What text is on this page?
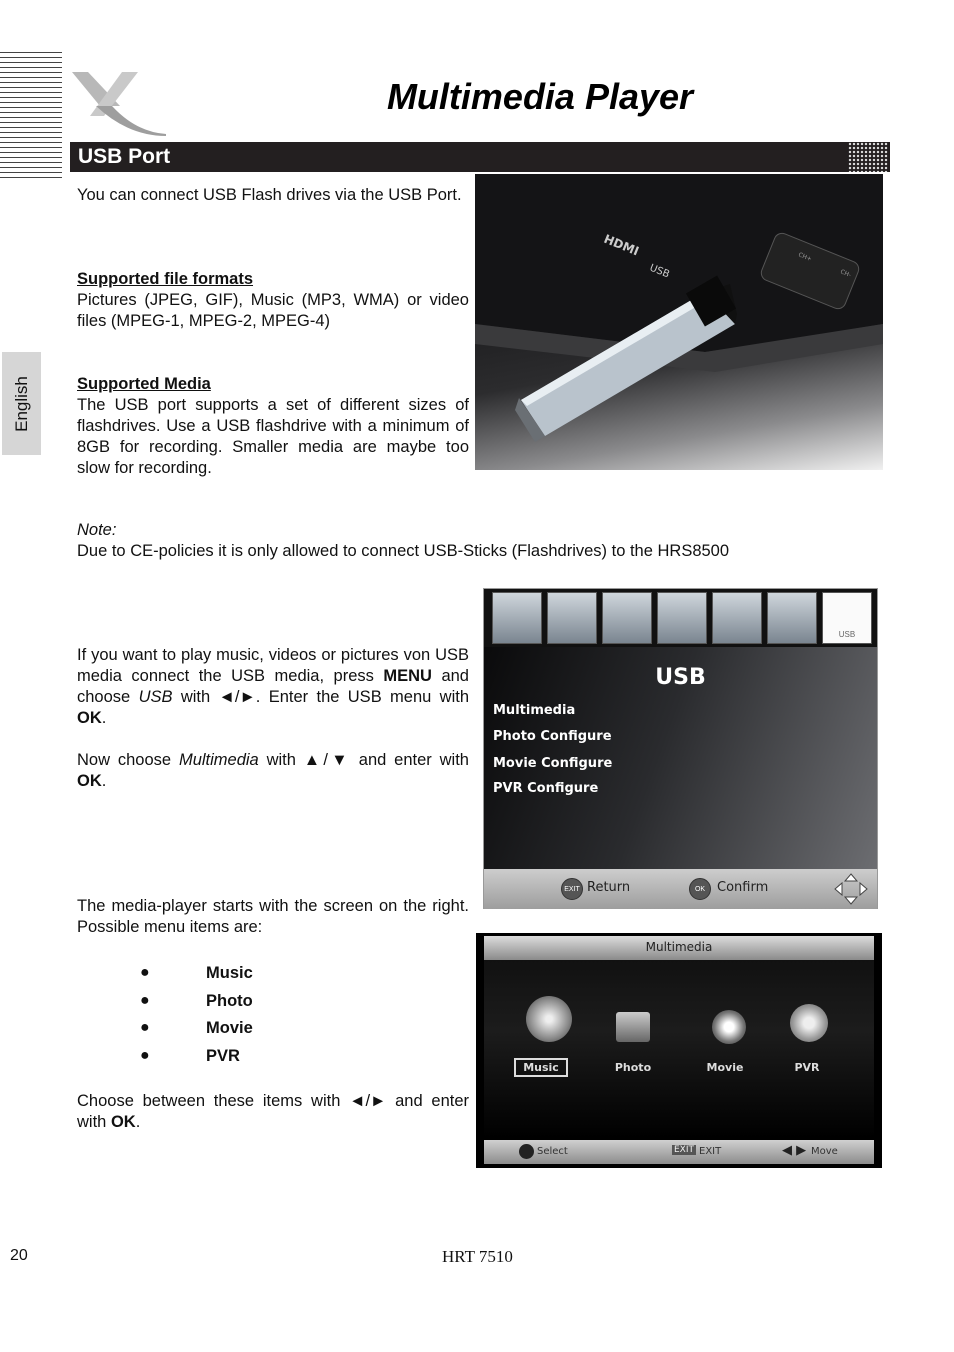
Multimedia Player
USB Port
English

You can connect USB Flash drives via the USB Port.

Supported file formats

Pictures (JPEG, GIF), Music (MP3, WMA) or video files (MPEG-1, MPEG-2, MPEG-4)

Supported Media

The USB port supports a set of different sizes of flashdrives. Use a USB flashdrive with a minimum of 8GB for recording. Smaller media are maybe too slow for recording.

Note:

Due to CE-policies it is only allowed to connect USB-Sticks (Flashdrives) to the HRS8500

If you want to play music, videos or pictures von USB media connect the USB media, press MENU and choose USB with ◄/►. Enter the USB menu with OK.

Now choose Multimedia with ▲/▼ and enter with OK.

The media-player starts with the screen on the right. Possible menu items are:

●	Music
●	Photo
●	Movie
●	PVR

Choose between these items with ◄/► and enter with OK.

CH+
CH-
HDMI
USB
USB
USB
Multimedia
Photo Configure
Movie Configure
PVR Configure
EXIT Return	OK Confirm
Multimedia
Music	Photo	Movie	PVR
Select	EXIT EXIT	◀ ▶ Move
20	HRT 7510
